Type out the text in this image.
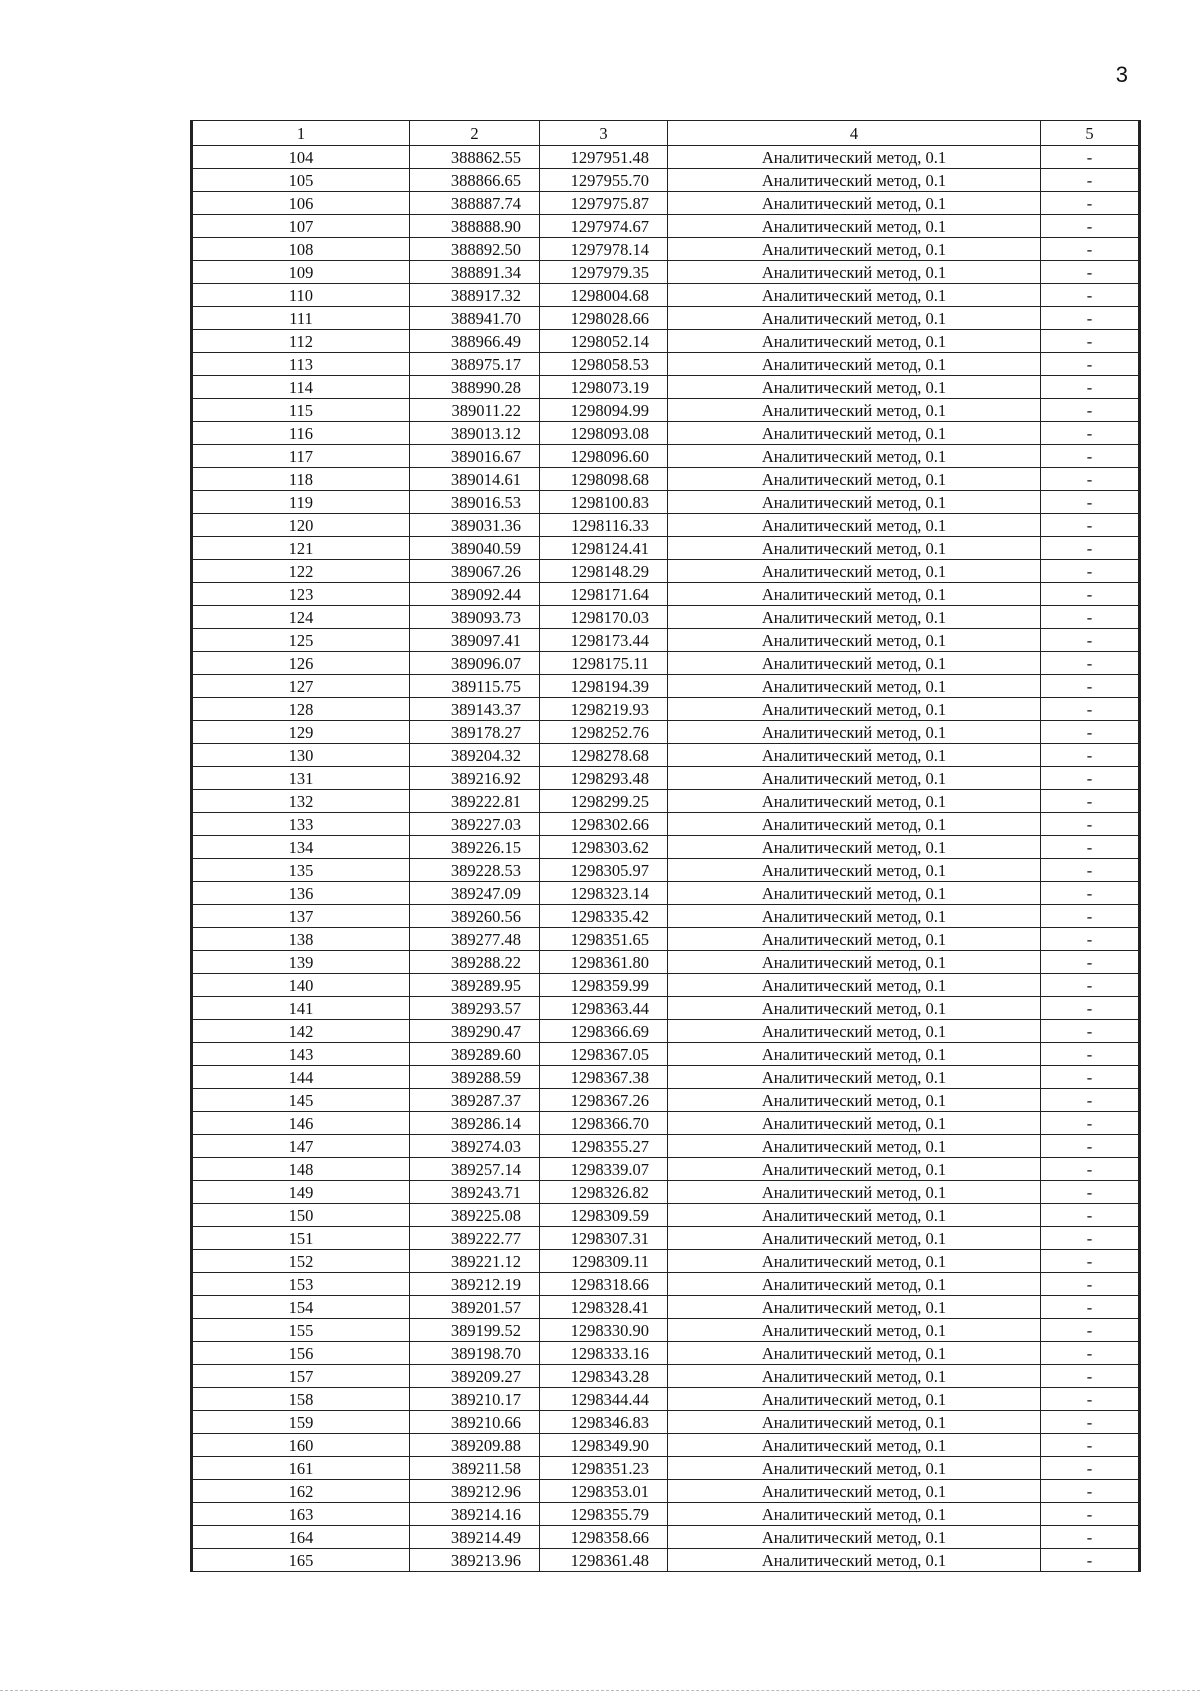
3
1	2	3	4	5
104	388862.55	1297951.48	Аналитический метод, 0.1	-
105	388866.65	1297955.70	Аналитический метод, 0.1	-
106	388887.74	1297975.87	Аналитический метод, 0.1	-
107	388888.90	1297974.67	Аналитический метод, 0.1	-
108	388892.50	1297978.14	Аналитический метод, 0.1	-
109	388891.34	1297979.35	Аналитический метод, 0.1	-
110	388917.32	1298004.68	Аналитический метод, 0.1	-
111	388941.70	1298028.66	Аналитический метод, 0.1	-
112	388966.49	1298052.14	Аналитический метод, 0.1	-
113	388975.17	1298058.53	Аналитический метод, 0.1	-
114	388990.28	1298073.19	Аналитический метод, 0.1	-
115	389011.22	1298094.99	Аналитический метод, 0.1	-
116	389013.12	1298093.08	Аналитический метод, 0.1	-
117	389016.67	1298096.60	Аналитический метод, 0.1	-
118	389014.61	1298098.68	Аналитический метод, 0.1	-
119	389016.53	1298100.83	Аналитический метод, 0.1	-
120	389031.36	1298116.33	Аналитический метод, 0.1	-
121	389040.59	1298124.41	Аналитический метод, 0.1	-
122	389067.26	1298148.29	Аналитический метод, 0.1	-
123	389092.44	1298171.64	Аналитический метод, 0.1	-
124	389093.73	1298170.03	Аналитический метод, 0.1	-
125	389097.41	1298173.44	Аналитический метод, 0.1	-
126	389096.07	1298175.11	Аналитический метод, 0.1	-
127	389115.75	1298194.39	Аналитический метод, 0.1	-
128	389143.37	1298219.93	Аналитический метод, 0.1	-
129	389178.27	1298252.76	Аналитический метод, 0.1	-
130	389204.32	1298278.68	Аналитический метод, 0.1	-
131	389216.92	1298293.48	Аналитический метод, 0.1	-
132	389222.81	1298299.25	Аналитический метод, 0.1	-
133	389227.03	1298302.66	Аналитический метод, 0.1	-
134	389226.15	1298303.62	Аналитический метод, 0.1	-
135	389228.53	1298305.97	Аналитический метод, 0.1	-
136	389247.09	1298323.14	Аналитический метод, 0.1	-
137	389260.56	1298335.42	Аналитический метод, 0.1	-
138	389277.48	1298351.65	Аналитический метод, 0.1	-
139	389288.22	1298361.80	Аналитический метод, 0.1	-
140	389289.95	1298359.99	Аналитический метод, 0.1	-
141	389293.57	1298363.44	Аналитический метод, 0.1	-
142	389290.47	1298366.69	Аналитический метод, 0.1	-
143	389289.60	1298367.05	Аналитический метод, 0.1	-
144	389288.59	1298367.38	Аналитический метод, 0.1	-
145	389287.37	1298367.26	Аналитический метод, 0.1	-
146	389286.14	1298366.70	Аналитический метод, 0.1	-
147	389274.03	1298355.27	Аналитический метод, 0.1	-
148	389257.14	1298339.07	Аналитический метод, 0.1	-
149	389243.71	1298326.82	Аналитический метод, 0.1	-
150	389225.08	1298309.59	Аналитический метод, 0.1	-
151	389222.77	1298307.31	Аналитический метод, 0.1	-
152	389221.12	1298309.11	Аналитический метод, 0.1	-
153	389212.19	1298318.66	Аналитический метод, 0.1	-
154	389201.57	1298328.41	Аналитический метод, 0.1	-
155	389199.52	1298330.90	Аналитический метод, 0.1	-
156	389198.70	1298333.16	Аналитический метод, 0.1	-
157	389209.27	1298343.28	Аналитический метод, 0.1	-
158	389210.17	1298344.44	Аналитический метод, 0.1	-
159	389210.66	1298346.83	Аналитический метод, 0.1	-
160	389209.88	1298349.90	Аналитический метод, 0.1	-
161	389211.58	1298351.23	Аналитический метод, 0.1	-
162	389212.96	1298353.01	Аналитический метод, 0.1	-
163	389214.16	1298355.79	Аналитический метод, 0.1	-
164	389214.49	1298358.66	Аналитический метод, 0.1	-
165	389213.96	1298361.48	Аналитический метод, 0.1	-
